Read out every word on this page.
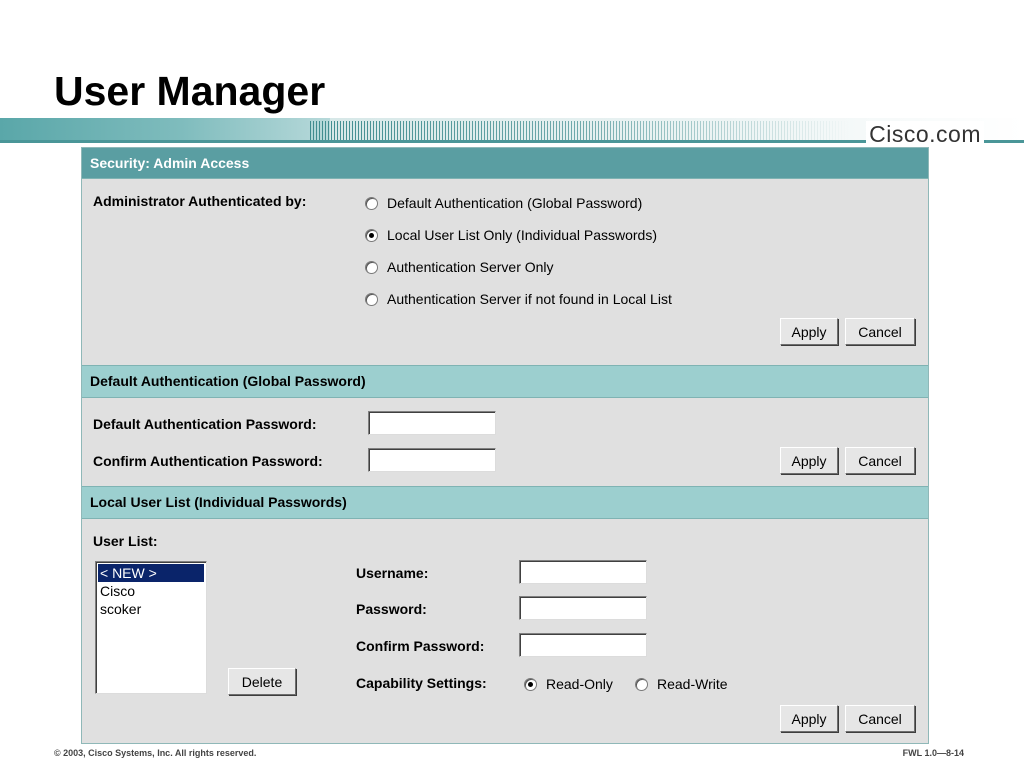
User Manager
Cisco.com
Security: Admin Access
Administrator Authenticated by:	Default Authentication (Global Password)
Local User List Only (Individual Passwords)
Authentication Server Only
Authentication Server if not found in Local List
Apply	Cancel
Default Authentication (Global Password)
Default Authentication Password:
Confirm Authentication Password:	Apply	Cancel
Local User List (Individual Passwords)
User List:
< NEW >
Cisco
scoker
Delete
Username:
Password:
Confirm Password:
Capability Settings:	Read-Only	Read-Write
Apply	Cancel
© 2003, Cisco Systems, Inc. All rights reserved.	FWL 1.0—8-14
